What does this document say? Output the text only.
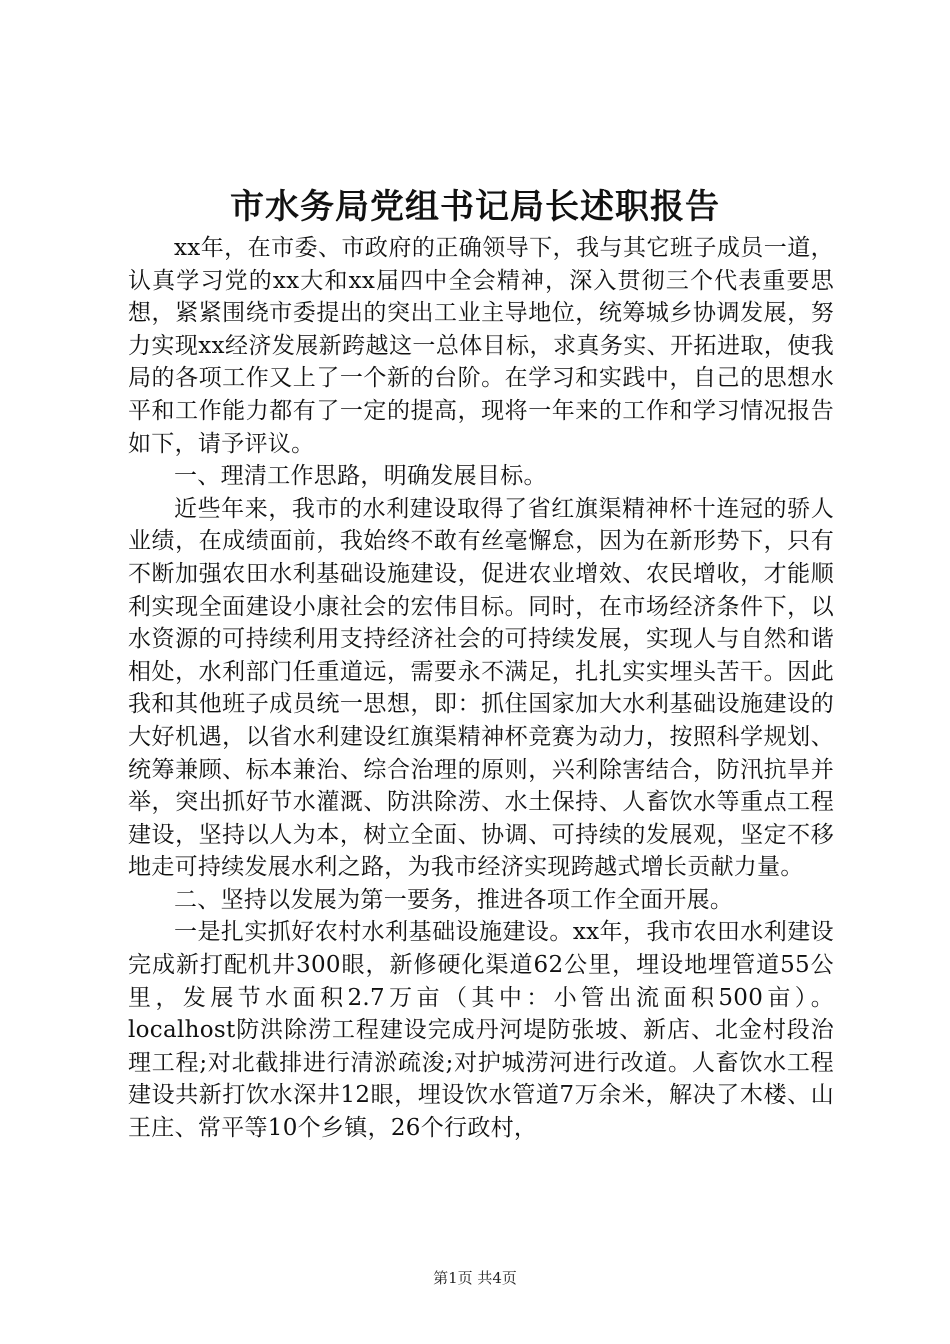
市水务局党组书记局长述职报告

xx年，在市委、市政府的正确领导下，我与其它班子成员一道，认真学习党的xx大和xx届四中全会精神，深入贯彻三个代表重要思想，紧紧围绕市委提出的突出工业主导地位，统筹城乡协调发展，努力实现xx经济发展新跨越这一总体目标，求真务实、开拓进取，使我局的各项工作又上了一个新的台阶。在学习和实践中，自己的思想水平和工作能力都有了一定的提高，现将一年来的工作和学习情况报告如下，请予评议。

一、理清工作思路，明确发展目标。

近些年来，我市的水利建设取得了省红旗渠精神杯十连冠的骄人业绩，在成绩面前，我始终不敢有丝毫懈怠，因为在新形势下，只有不断加强农田水利基础设施建设，促进农业增效、农民增收，才能顺利实现全面建设小康社会的宏伟目标。同时，在市场经济条件下，以水资源的可持续利用支持经济社会的可持续发展，实现人与自然和谐相处，水利部门任重道远，需要永不满足，扎扎实实埋头苦干。因此我和其他班子成员统一思想，即：抓住国家加大水利基础设施建设的大好机遇，以省水利建设红旗渠精神杯竞赛为动力，按照科学规划、统筹兼顾、标本兼治、综合治理的原则，兴利除害结合，防汛抗旱并举，突出抓好节水灌溉、防洪除涝、水土保持、人畜饮水等重点工程建设，坚持以人为本，树立全面、协调、可持续的发展观，坚定不移地走可持续发展水利之路，为我市经济实现跨越式增长贡献力量。

二、坚持以发展为第一要务，推进各项工作全面开展。

一是扎实抓好农村水利基础设施建设。xx年，我市农田水利建设完成新打配机井300眼，新修硬化渠道62公里，埋设地埋管道55公里，发展节水面积2.7万亩（其中：小管出流面积500亩）。localhost防洪除涝工程建设完成丹河堤防张坡、新店、北金村段治理工程;对北截排进行清淤疏浚;对护城涝河进行改道。人畜饮水工程建设共新打饮水深井12眼，埋设饮水管道7万余米，解决了木楼、山王庄、常平等10个乡镇，26个行政村，

第1页 共4页
